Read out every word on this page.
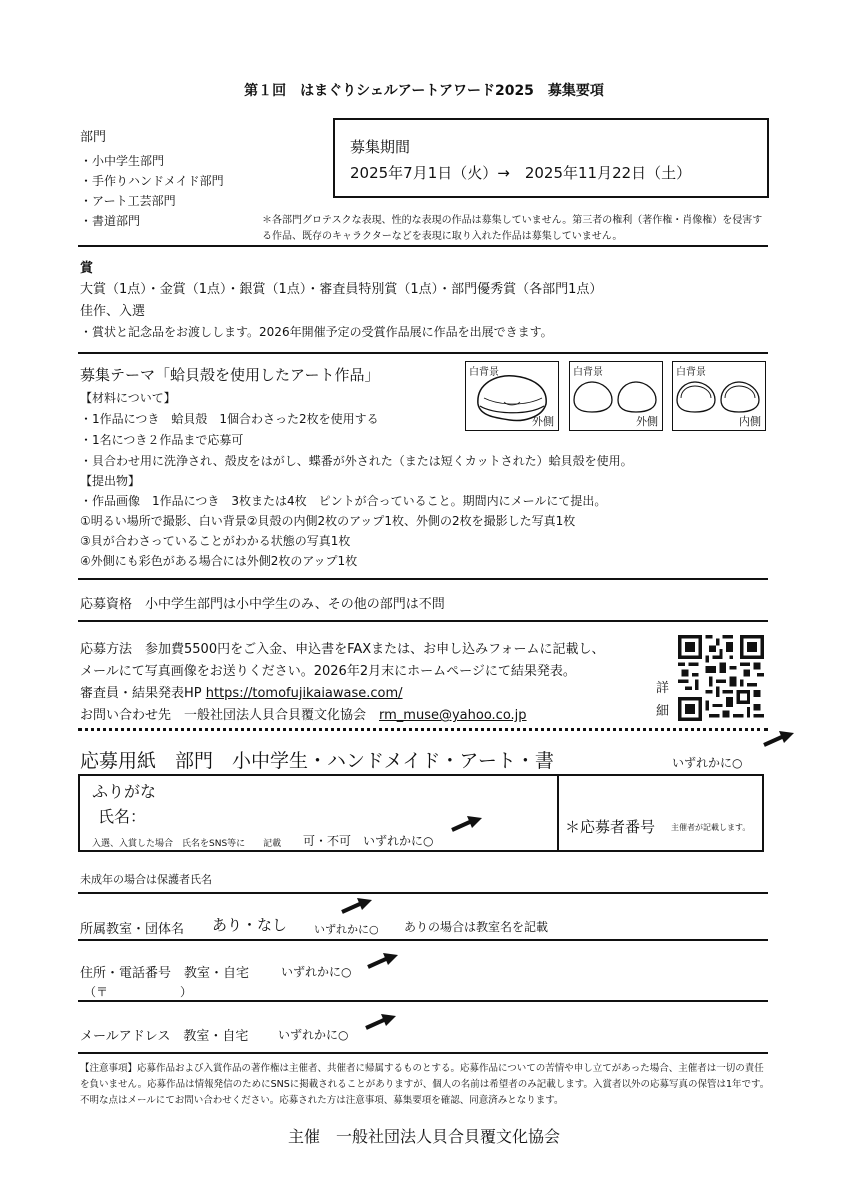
第１回　はまぐりシェルアートアワード2025　募集要項
部門
・小中学生部門
・手作りハンドメイド部門
・アート工芸部門
・書道部門
募集期間
2025年7月1日（火）→　2025年11月22日（土）
＊各部門グロテスクな表現、性的な表現の作品は募集していません。第三者の権利（著作権・肖像権）を侵害す
る作品、既存のキャラクターなどを表現に取り入れた作品は募集していません。
賞
大賞（1点）・金賞（1点）・銀賞（1点）・審査員特別賞（1点）・部門優秀賞（各部門1点）
佳作、入選
・賞状と記念品をお渡しします。2026年開催予定の受賞作品展に作品を出展できます。
募集テーマ「蛤貝殻を使用したアート作品」
【材料について】
・1作品につき　蛤貝殻　1個合わさった2枚を使用する
・1名につき２作品まで応募可
・貝合わせ用に洗浄され、殻皮をはがし、蝶番が外された（または短くカットされた）蛤貝殻を使用。
【提出物】
・作品画像　1作品につき　3枚または4枚　ピントが合っていること。期間内にメールにて提出。
①明るい場所で撮影、白い背景②貝殻の内側2枚のアップ1枚、外側の2枚を撮影した写真1枚
③貝が合わさっていることがわかる状態の写真1枚
④外側にも彩色がある場合には外側2枚のアップ1枚
白背景
外側
白背景
外側
白背景
内側
応募資格　小中学生部門は小中学生のみ、その他の部門は不問
応募方法　参加費5500円をご入金、申込書をFAXまたは、お申し込みフォームに記載し、
メールにて写真画像をお送りください。2026年2月末にホームページにて結果発表。
審査員・結果発表HP https://tomofujikaiawase.com/
お問い合わせ先　一般社団法人貝合貝覆文化協会　rm_muse@yahoo.co.jp
詳
細
応募用紙　部門　小中学生・ハンドメイド・アート・書	いずれかに○
ふりがな
氏名：
入選、入賞した場合　氏名をSNS等に　　記載 可・不可　いずれかに○
＊応募者番号 主催者が記載します。
未成年の場合は保護者氏名
所属教室・団体名 あり・なし いずれかに○ ありの場合は教室名を記載
住所・電話番号　教室・自宅	いずれかに○
（〒　　　　　　）
メールアドレス　教室・自宅 いずれかに○
【注意事項】応募作品および入賞作品の著作権は主催者、共催者に帰属するものとする。応募作品についての苦情や申し立てがあった場合、主催者は一切の責任を負いません。応募作品は情報発信のためにSNSに掲載されることがありますが、個人の名前は希望者のみ記載します。入賞者以外の応募写真の保管は1年です。不明な点はメールにてお問い合わせください。応募された方は注意事項、募集要項を確認、同意済みとなります。
主催　一般社団法人貝合貝覆文化協会
